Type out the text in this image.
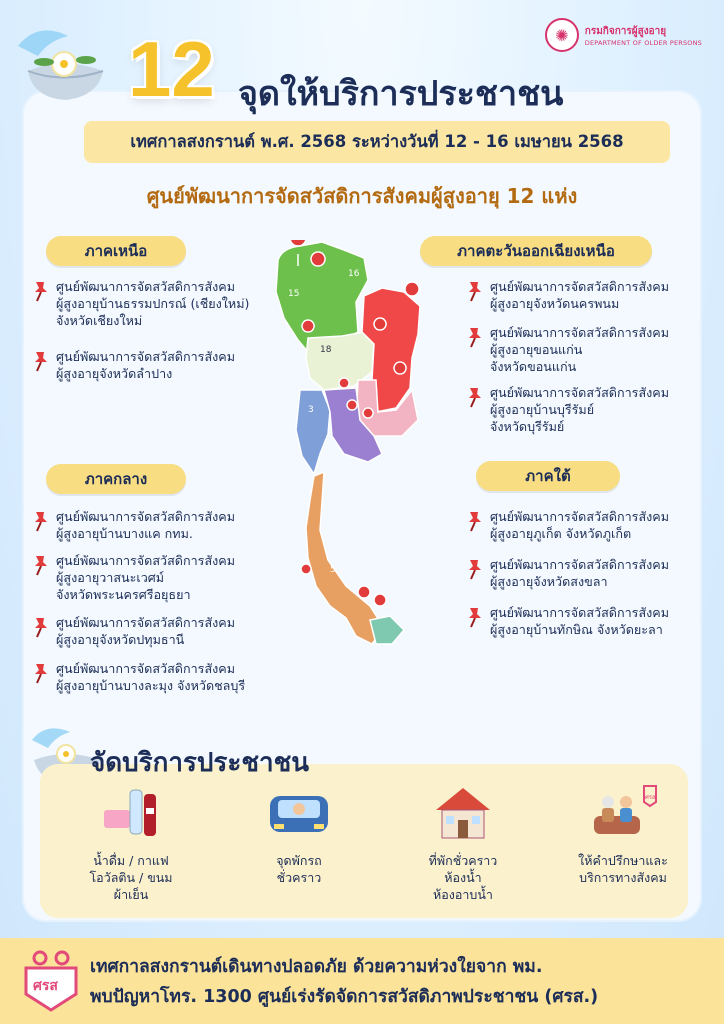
✺	กรมกิจการผู้สูงอายุ
DEPARTMENT OF OLDER PERSONS
12 จุดให้บริการประชาชน
เทศกาลสงกรานต์ พ.ศ. 2568 ระหว่างวันที่ 12 - 16 เมษายน 2568
ศูนย์พัฒนาการจัดสวัสดิการสังคมผู้สูงอายุ 12 แห่ง
ภาคเหนือ	ภาคตะวันออกเฉียงเหนือ
ภาคกลาง	ภาคใต้
ศูนย์พัฒนาการจัดสวัสดิการสังคม
ผู้สูงอายุบ้านธรรมปกรณ์ (เชียงใหม่)
จังหวัดเชียงใหม่
ศูนย์พัฒนาการจัดสวัสดิการสังคม
ผู้สูงอายุจังหวัดลำปาง
ศูนย์พัฒนาการจัดสวัสดิการสังคม
ผู้สูงอายุจังหวัดนครพนม
ศูนย์พัฒนาการจัดสวัสดิการสังคม
ผู้สูงอายุขอนแก่น
จังหวัดขอนแก่น
ศูนย์พัฒนาการจัดสวัสดิการสังคม
ผู้สูงอายุบ้านบุรีรัมย์
จังหวัดบุรีรัมย์
ศูนย์พัฒนาการจัดสวัสดิการสังคม
ผู้สูงอายุบ้านบางแค กทม.
ศูนย์พัฒนาการจัดสวัสดิการสังคม
ผู้สูงอายุวาสนะเวศม์
จังหวัดพระนครศรีอยุธยา
ศูนย์พัฒนาการจัดสวัสดิการสังคม
ผู้สูงอายุจังหวัดปทุมธานี
ศูนย์พัฒนาการจัดสวัสดิการสังคม
ผู้สูงอายุบ้านบางละมุง จังหวัดชลบุรี
ศูนย์พัฒนาการจัดสวัสดิการสังคม
ผู้สูงอายุภูเก็ต จังหวัดภูเก็ต
ศูนย์พัฒนาการจัดสวัสดิการสังคม
ผู้สูงอายุจังหวัดสงขลา
ศูนย์พัฒนาการจัดสวัสดิการสังคม
ผู้สูงอายุบ้านทักษิณ จังหวัดยะลา
16
15
18
3
5
จัดบริการประชาชน
น้ำดื่ม / กาแฟ
โอวัลติน / ขนม
ผ้าเย็น
จุดพักรถ
ชั่วคราว
ที่พักชั่วคราว
ห้องน้ำ
ห้องอาบน้ำ
ศรส
ให้คำปรึกษาและ
บริการทางสังคม
ศรส
เทศกาลสงกรานต์เดินทางปลอดภัย ด้วยความห่วงใยจาก พม.
พบปัญหาโทร. 1300 ศูนย์เร่งรัดจัดการสวัสดิภาพประชาชน (ศรส.)
